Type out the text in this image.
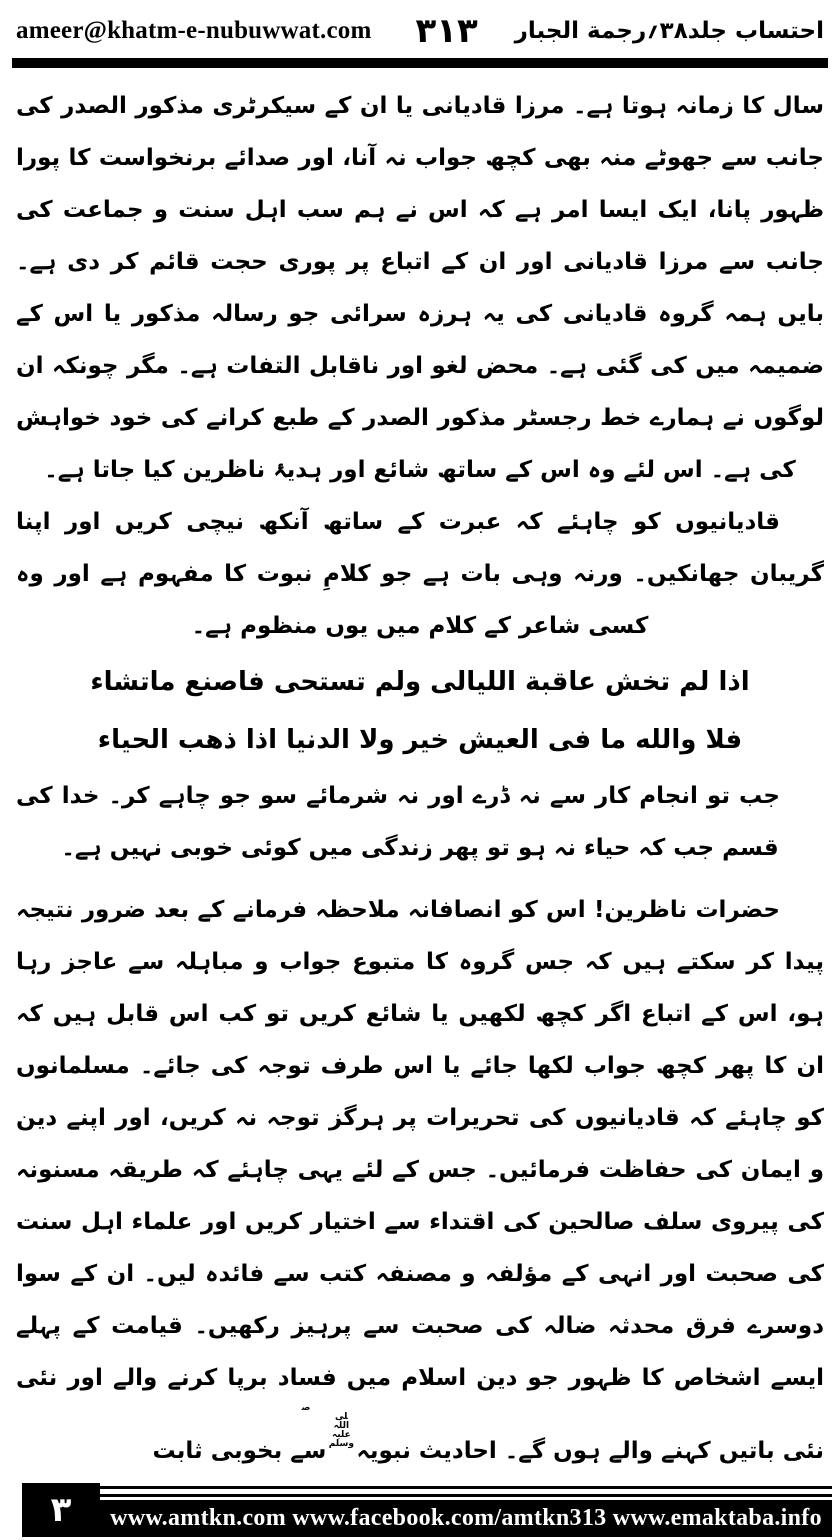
ameer@khatm-e-nubuwwat.com ۳۱۳ احتساب جلد۳۸؍رجمة الجبار

سال کا زمانہ ہوتا ہے۔ مرزا قادیانی یا ان کے سیکرٹری مذکور الصدر کی جانب سے جھوٹے منہ بھی کچھ جواب نہ آنا، اور صدائے برنخواست کا پورا ظہور پانا، ایک ایسا امر ہے کہ اس نے ہم سب اہل سنت و جماعت کی جانب سے مرزا قادیانی اور ان کے اتباع پر پوری حجت قائم کر دی ہے۔ بایں ہمہ گروہ قادیانی کی یہ ہرزہ سرائی جو رسالہ مذکور یا اس کے ضمیمہ میں کی گئی ہے۔ محض لغو اور ناقابل التفات ہے۔ مگر چونکہ ان لوگوں نے ہمارے خط رجسٹر مذکور الصدر کے طبع کرانے کی خود خواہش کی ہے۔ اس لئے وہ اس کے ساتھ شائع اور ہدیۂ ناظرین کیا جاتا ہے۔

قادیانیوں کو چاہئے کہ عبرت کے ساتھ آنکھ نیچی کریں اور اپنا گریبان جھانکیں۔ ورنہ وہی بات ہے جو کلامِ نبوت کا مفہوم ہے اور وہ کسی شاعر کے کلام میں یوں منظوم ہے۔

اذا لم تخش عاقبة اللیالی ولم تستحی فاصنع ماتشاء

فلا والله ما فی العیش خیر ولا الدنیا اذا ذهب الحیاء

جب تو انجام کار سے نہ ڈرے اور نہ شرمائے سو جو چاہے کر۔ خدا کی قسم جب کہ حیاء نہ ہو تو پھر زندگی میں کوئی خوبی نہیں ہے۔

حضرات ناظرین! اس کو انصافانہ ملاحظہ فرمانے کے بعد ضرور نتیجہ پیدا کر سکتے ہیں کہ جس گروہ کا متبوع جواب و مباہلہ سے عاجز رہا ہو، اس کے اتباع اگر کچھ لکھیں یا شائع کریں تو کب اس قابل ہیں کہ ان کا پھر کچھ جواب لکھا جائے یا اس طرف توجہ کی جائے۔ مسلمانوں کو چاہئے کہ قادیانیوں کی تحریرات پر ہرگز توجہ نہ کریں، اور اپنے دین و ایمان کی حفاظت فرمائیں۔ جس کے لئے یہی چاہئے کہ طریقہ مسنونہ کی پیروی سلف صالحین کی اقتداء سے اختیار کریں اور علماء اہل سنت کی صحبت اور انہی کے مؤلفہ و مصنفہ کتب سے فائدہ لیں۔ ان کے سوا دوسرے فرق محدثہ ضالہ کی صحبت سے پرہیز رکھیں۔ قیامت کے پہلے ایسے اشخاص کا ظہور جو دین اسلام میں فساد برپا کرنے والے اور نئی نئی باتیں کہنے والے ہوں گے۔ احادیث نبویہصلی اللہ علیہ وسلمسے بخوبی ثابت

۳ www.amtkn.com www.facebook.com/amtkn313 www.emaktaba.info
